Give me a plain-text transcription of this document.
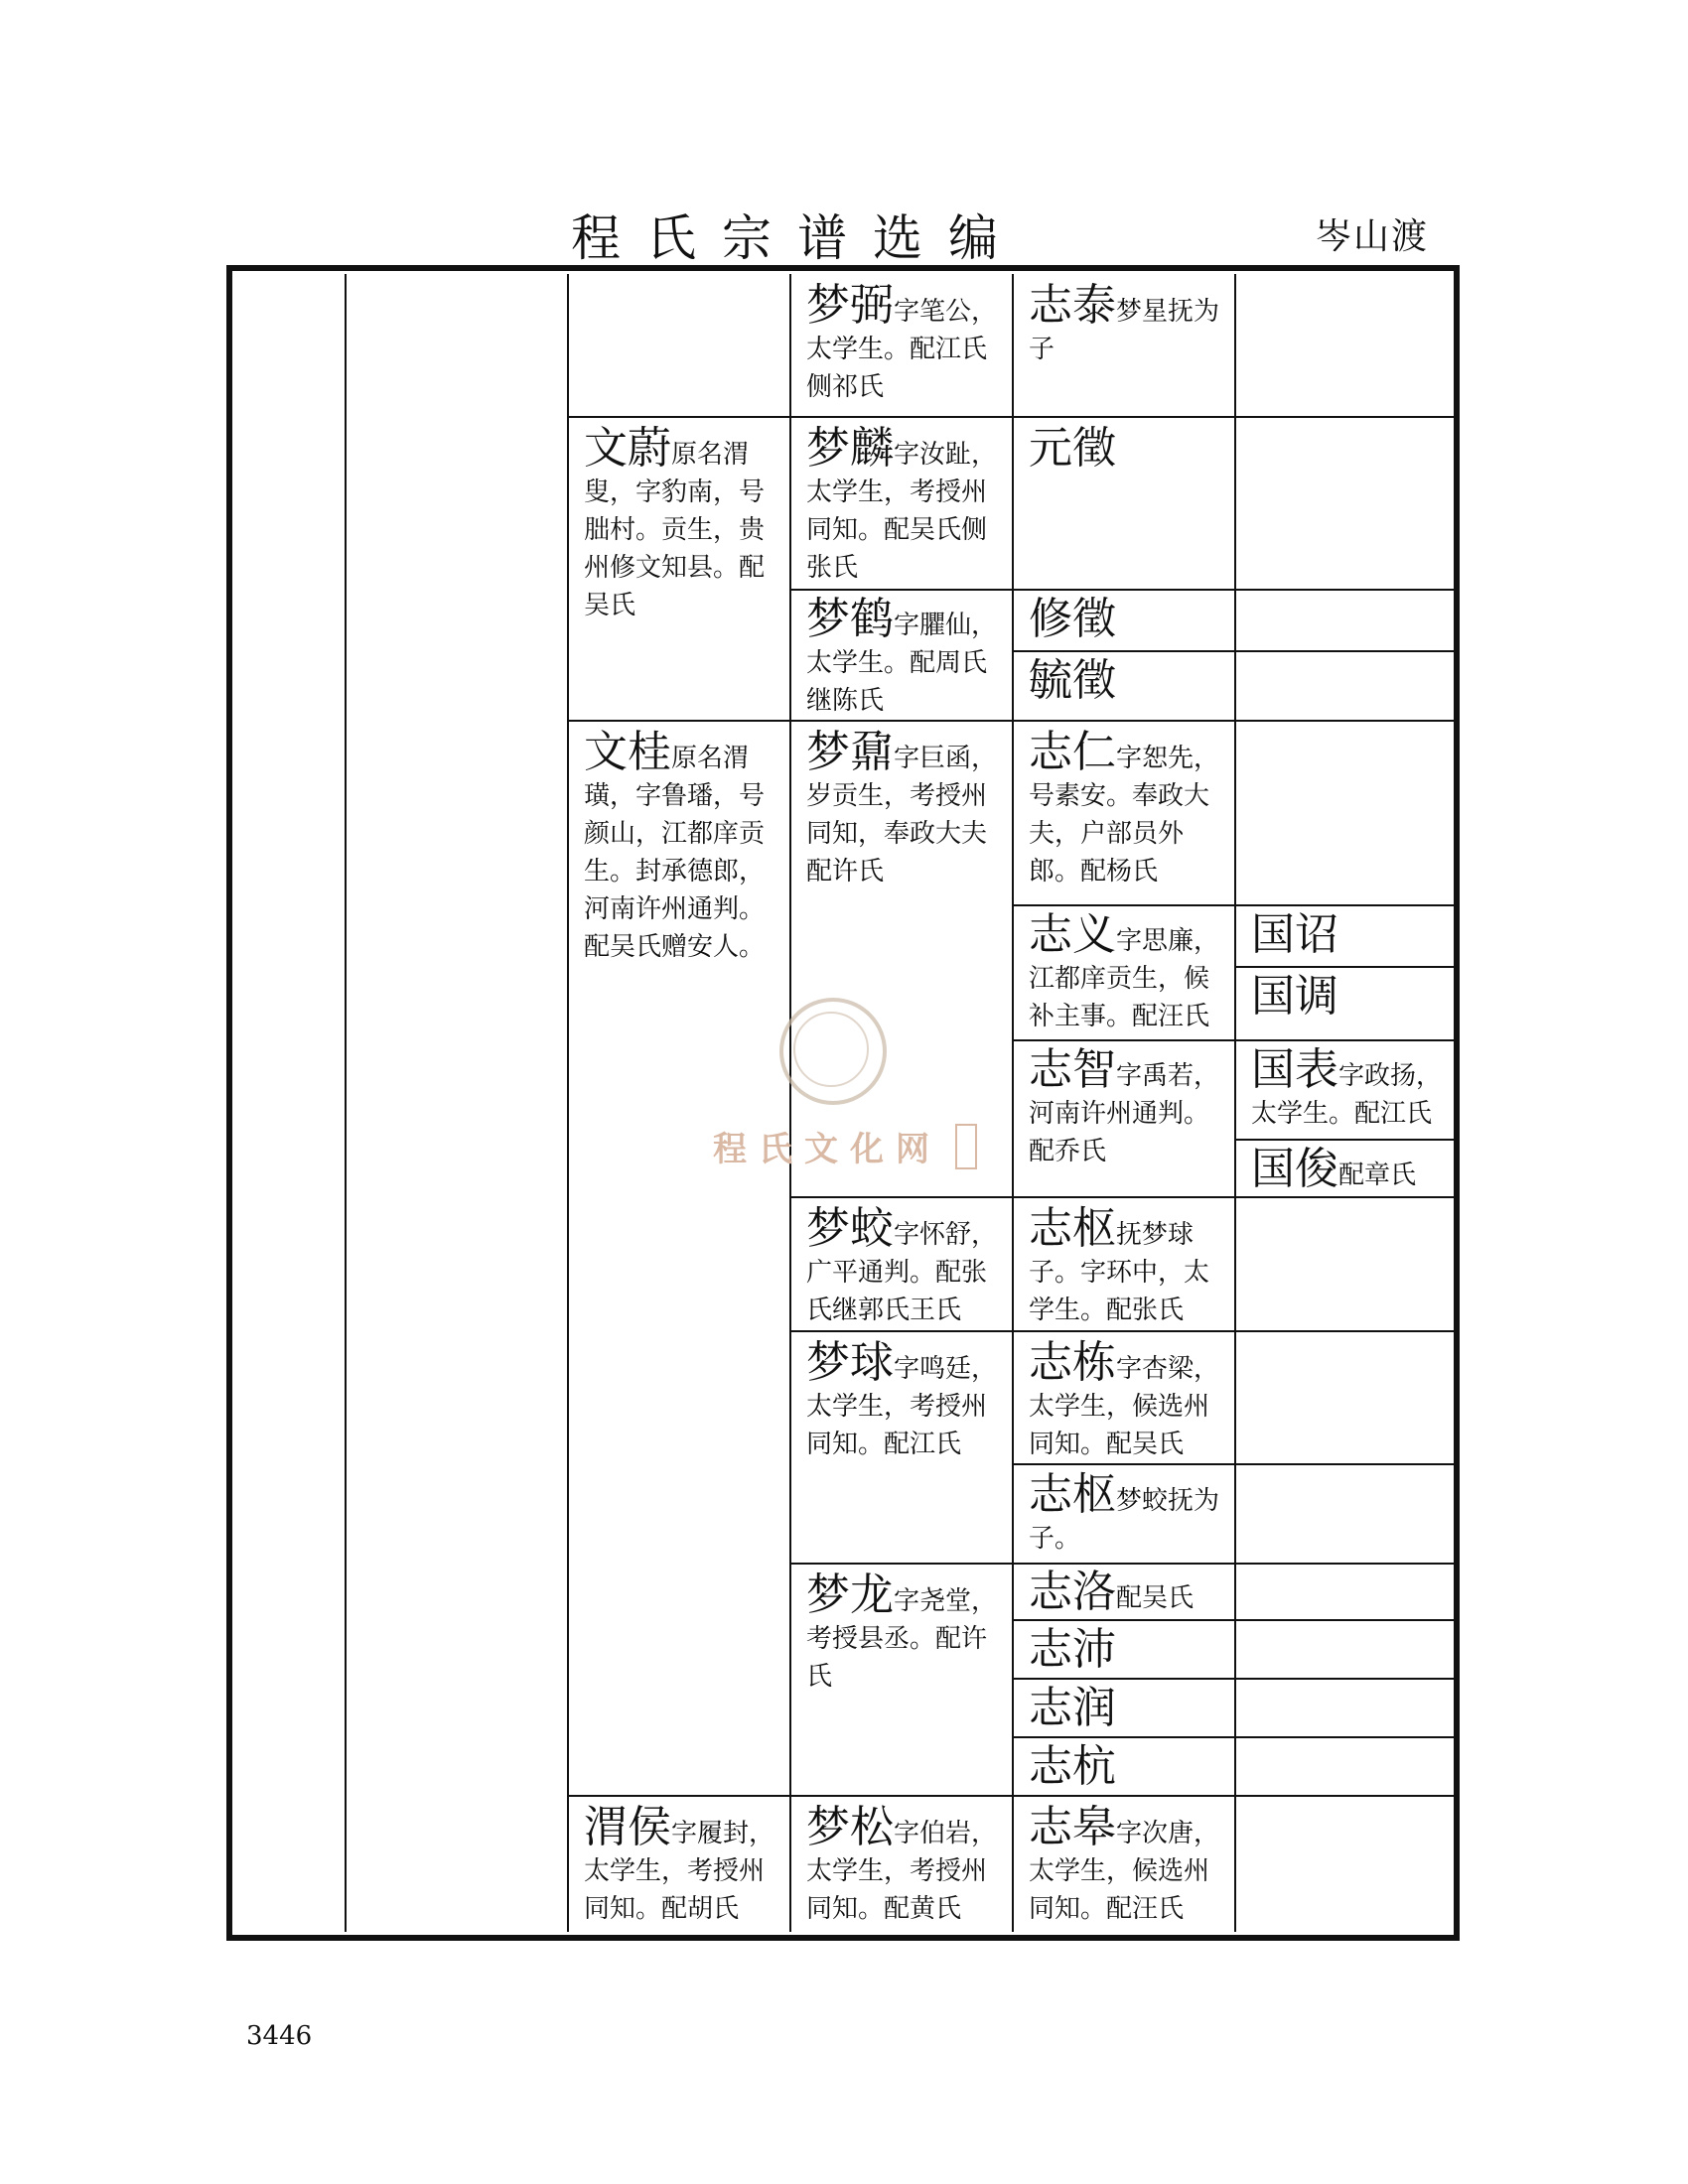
程氏宗谱选编	岑山渡
程氏文化网
梦弼字笔公，太学生。配江氏侧祁氏
梦麟字汝趾，太学生，考授州同知。配吴氏侧张氏
梦鹤字臞仙，太学生。配周氏继陈氏
梦鼐字巨函，岁贡生，考授州同知，奉政大夫配许氏
梦蛟字怀舒，广平通判。配张氏继郭氏王氏
梦球字鸣廷，太学生，考授州同知。配江氏
梦龙字尧堂，考授县丞。配许氏
梦松字伯岩，太学生，考授州同知。配黄氏
文蔚原名渭叟，字豹南，号朏村。贡生，贵州修文知县。配吴氏
文桂原名渭璜，字鲁璠，号颜山，江都庠贡生。封承德郎，河南许州通判。配吴氏赠安人。
渭侯字履封，太学生，考授州同知。配胡氏
志泰梦星抚为子
元徵
修徵
毓徵
志仁字恕先，号素安。奉政大夫，户部员外郎。配杨氏
志义字思廉，江都庠贡生，候补主事。配汪氏
志智字禹若，河南许州通判。配乔氏
志枢抚梦球子。字环中，太学生。配张氏
志栋字杏梁，太学生，候选州同知。配吴氏
志枢梦蛟抚为子。
志洛配吴氏
志沛
志润
志杭
志皋字次唐，太学生，候选州同知。配汪氏
国诏
国调
国表字政扬，太学生。配江氏
国俊配章氏
3446
